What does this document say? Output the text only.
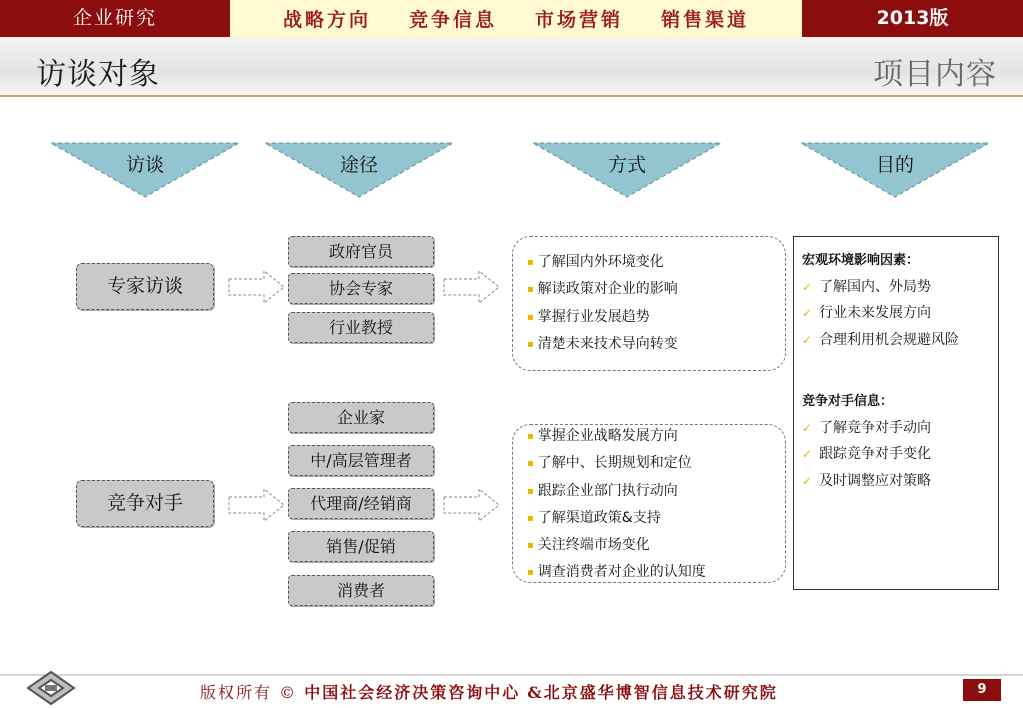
企业研究	战略方向 竞争信息 市场营销 销售渠道	2013版
访谈对象	项目内容
访谈	途径	方式	目的
专家访谈
政府官员
协会专家
行业教授
▪ 了解国内外环境变化
▪ 解读政策对企业的影响
▪ 掌握行业发展趋势
▪ 清楚未来技术导向转变
竞争对手
企业家
中/高层管理者
代理商/经销商
销售/促销
消费者
▪ 掌握企业战略发展方向
▪ 了解中、长期规划和定位
▪ 跟踪企业部门执行动向
▪ 了解渠道政策&支持
▪ 关注终端市场变化
▪ 调查消费者对企业的认知度
宏观环境影响因素：
✓ 了解国内、外局势
✓ 行业未来发展方向
✓ 合理利用机会规避风险
竞争对手信息：
✓ 了解竞争对手动向
✓ 跟踪竞争对手变化
✓ 及时调整应对策略
版权所有 © 中国社会经济决策咨询中心 &北京盛华博智信息技术研究院	9
